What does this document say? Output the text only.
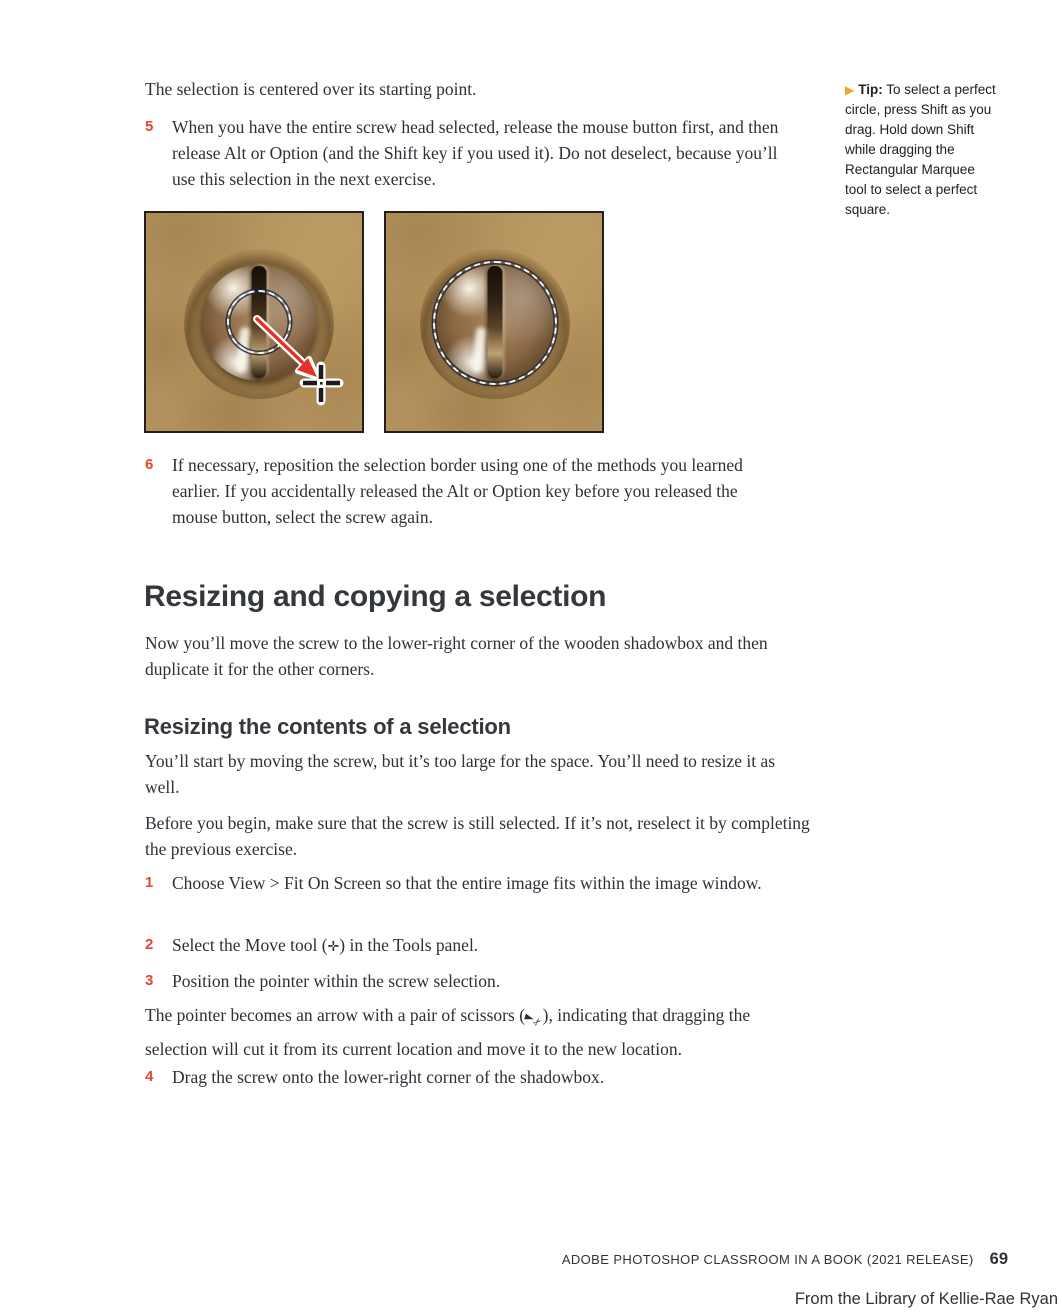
The selection is centered over its starting point.

5	When you have the entire screw head selected, release the mouse button first, and then release Alt or Option (and the Shift key if you used it). Do not deselect, because you’ll use this selection in the next exercise.
▶ Tip: To select a perfect circle, press Shift as you drag. Hold down Shift while dragging the Rectangular Marquee tool to select a perfect square.
6	If necessary, reposition the selection border using one of the methods you learned earlier. If you accidentally released the Alt or Option key before you released the mouse button, select the screw again.
Resizing and copying a selection

Now you’ll move the screw to the lower-right corner of the wooden shadowbox and then duplicate it for the other corners.

Resizing the contents of a selection

You’ll start by moving the screw, but it’s too large for the space. You’ll need to resize it as well.

Before you begin, make sure that the screw is still selected. If it’s not, reselect it by completing the previous exercise.

1	Choose View > Fit On Screen so that the entire image fits within the image window.
2	Select the Move tool (✛) in the Tools panel.
3	Position the pointer within the screw selection.

The pointer becomes an arrow with a pair of scissors (►✂), indicating that dragging the selection will cut it from its current location and move it to the new location.

4	Drag the screw onto the lower-right corner of the shadowbox.
ADOBE PHOTOSHOP CLASSROOM IN A BOOK (2021 RELEASE) 69
From the Library of Kellie-Rae Ryan
